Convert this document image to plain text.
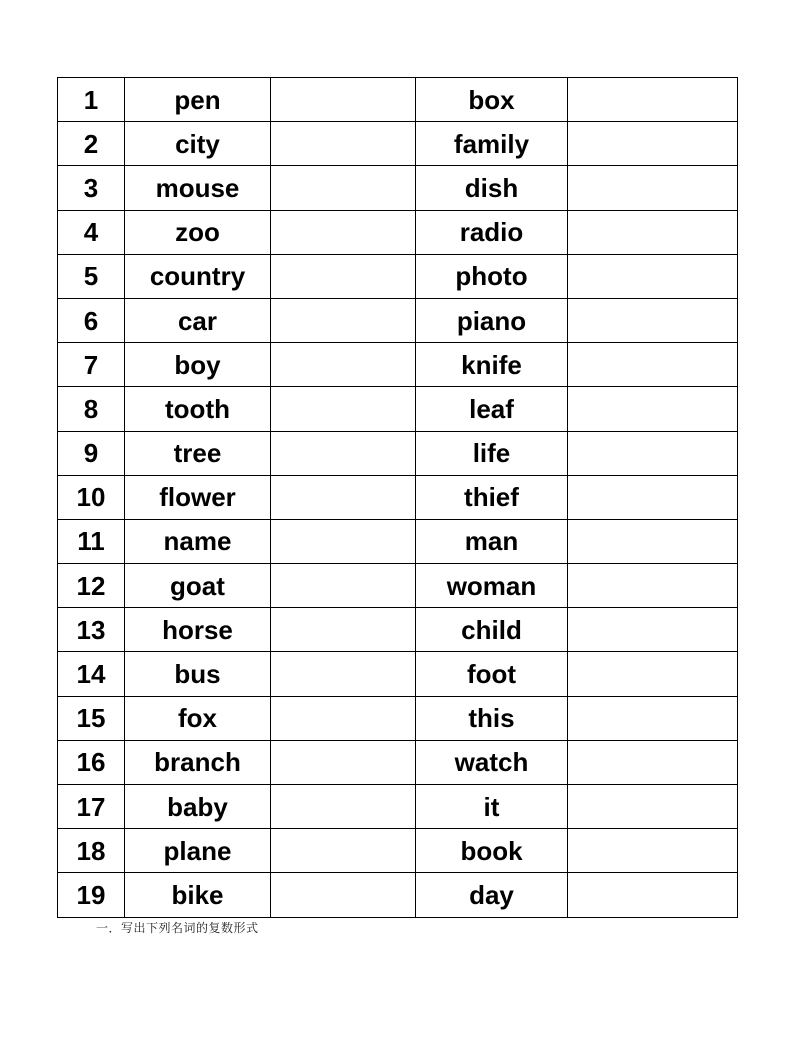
1	pen		box	
2	city		family	
3	mouse		dish	
4	zoo		radio	
5	country		photo	
6	car		piano	
7	boy		knife	
8	tooth		leaf	
9	tree		life	
10	flower		thief	
11	name		man	
12	goat		woman	
13	horse		child	
14	bus		foot	
15	fox		this	
16	branch		watch	
17	baby		it	
18	plane		book	
19	bike		day	
一．写出下列名词的复数形式
